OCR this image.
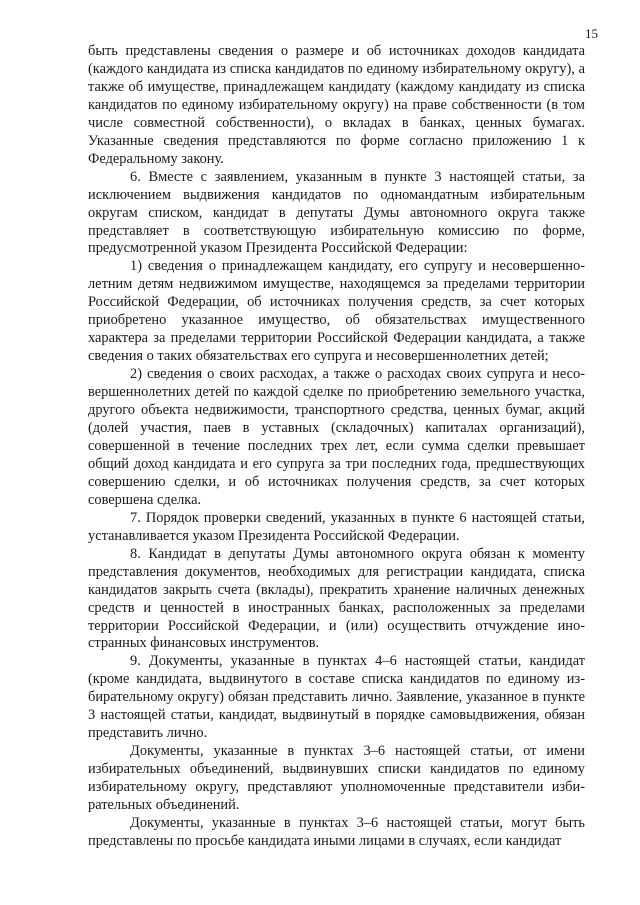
15

быть представлены сведения о размере и об источниках доходов кандидата (каждого кандидата из списка кандидатов по единому избирательному округу), а также об имуществе, принадлежащем кандидату (каждому кандидату из списка кандидатов по единому избирательному округу) на праве собственности (в том числе совместной собственности), о вкладах в банках, ценных бумагах. Указанные сведения представляются по форме согласно приложению 1 к Федеральному закону.

6. Вместе с заявлением, указанным в пункте 3 настоящей статьи, за исключением выдвижения кандидатов по одномандатным избирательным округам списком, кандидат в депутаты Думы автономного округа также представляет в соответствующую избирательную комиссию по форме, предусмотренной указом Президента Российской Федерации:

1) сведения о принадлежащем кандидату, его супругу и несовершеннолетним детям недвижимом имуществе, находящемся за пределами территории Российской Федерации, об источниках получения средств, за счет которых приобретено указанное имущество, об обязательствах имущественного характера за пределами территории Российской Федерации кандидата, а также сведения о таких обязательствах его супруга и несовершеннолетних детей;

2) сведения о своих расходах, а также о расходах своих супруга и несовершеннолетних детей по каждой сделке по приобретению земельного участка, другого объекта недвижимости, транспортного средства, ценных бумаг, акций (долей участия, паев в уставных (складочных) капиталах организаций), совершенной в течение последних трех лет, если сумма сделки превышает общий доход кандидата и его супруга за три последних года, предшествующих совершению сделки, и об источниках получения средств, за счет которых совершена сделка.

7. Порядок проверки сведений, указанных в пункте 6 настоящей статьи, устанавливается указом Президента Российской Федерации.

8. Кандидат в депутаты Думы автономного округа обязан к моменту представления документов, необходимых для регистрации кандидата, списка кандидатов закрыть счета (вклады), прекратить хранение наличных денежных средств и ценностей в иностранных банках, расположенных за пределами территории Российской Федерации, и (или) осуществить отчуждение иностранных финансовых инструментов.

9. Документы, указанные в пунктах 4–6 настоящей статьи, кандидат (кроме кандидата, выдвинутого в составе списка кандидатов по единому избирательному округу) обязан представить лично. Заявление, указанное в пункте 3 настоящей статьи, кандидат, выдвинутый в порядке самовыдвижения, обязан представить лично.

Документы, указанные в пунктах 3–6 настоящей статьи, от имени избирательных объединений, выдвинувших списки кандидатов по единому избирательному округу, представляют уполномоченные представители избирательных объединений.

Документы, указанные в пунктах 3–6 настоящей статьи, могут быть представлены по просьбе кандидата иными лицами в случаях, если кандидат
